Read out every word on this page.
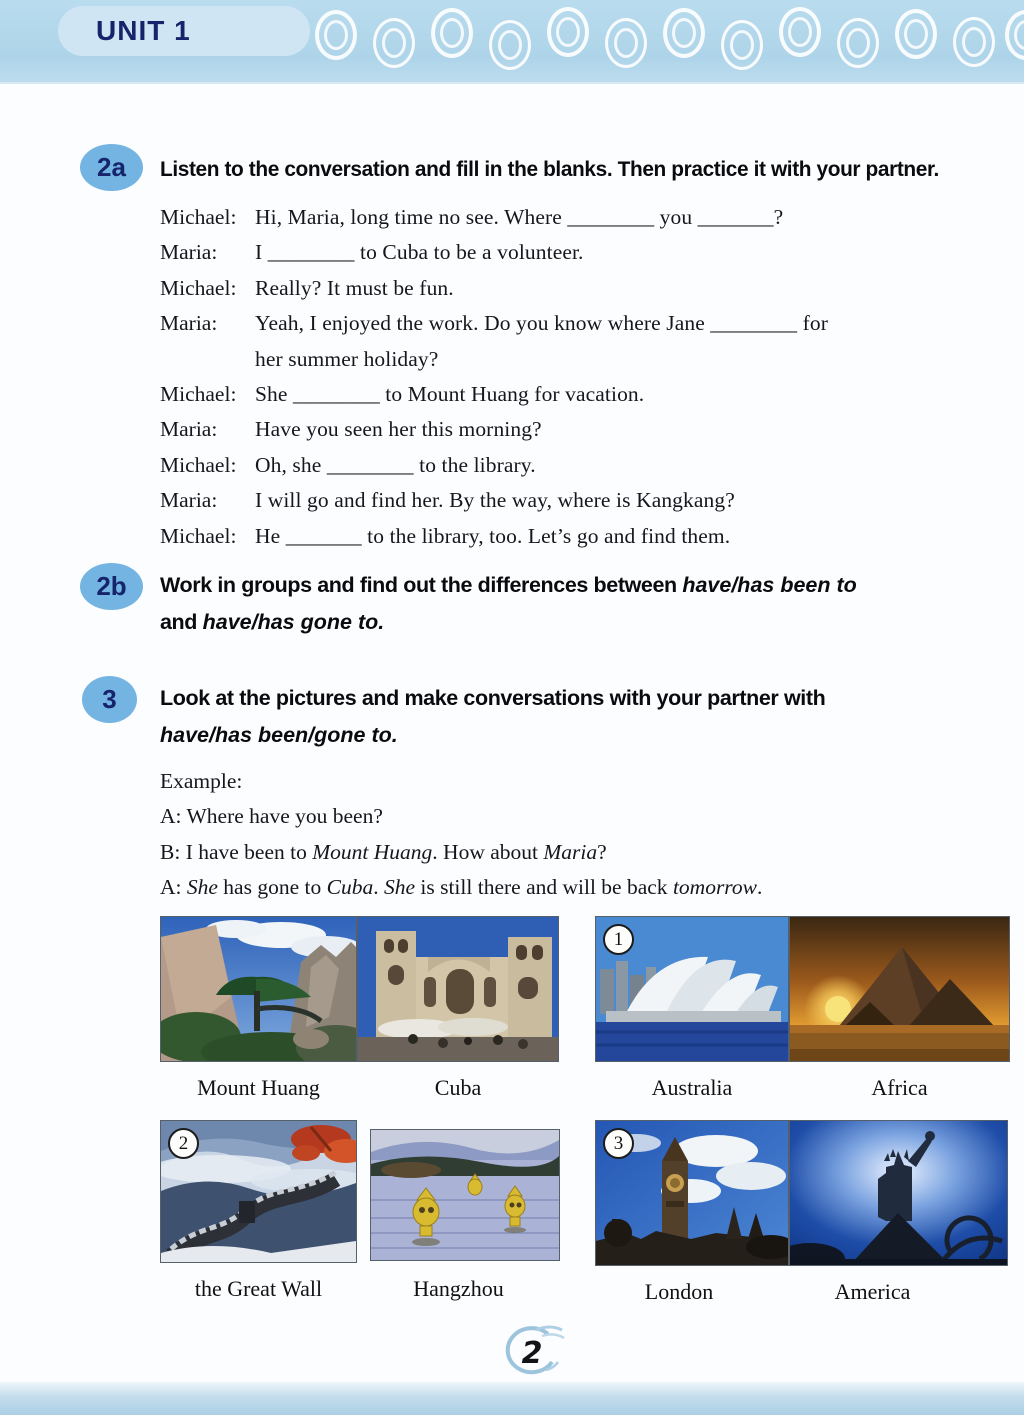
UNIT 1
2a	Listen to the conversation and fill in the blanks. Then practice it with your partner.
Michael: Hi, Maria, long time no see. Where ________ you _______?
Maria:	I ________ to Cuba to be a volunteer.
Michael: Really? It must be fun.
Maria:	Yeah, I enjoyed the work. Do you know where Jane ________ for
her summer holiday?
Michael: She ________ to Mount Huang for vacation.
Maria:	Have you seen her this morning?
Michael: Oh, she ________ to the library.
Maria:	I will go and find her. By the way, where is Kangkang?
Michael: He _______ to the library, too. Let’s go and find them.
2b	Work in groups and find out the differences between have/has been to
and have/has gone to.
3	Look at the pictures and make conversations with your partner with
have/has been/gone to.
Example:
A: Where have you been?
B: I have been to Mount Huang. How about Maria?
A: She has gone to Cuba. She is still there and will be back tomorrow.
Mount Huang	Cuba
1
Australia	Africa
2
the Great Wall	Hangzhou
3
London	America
2
